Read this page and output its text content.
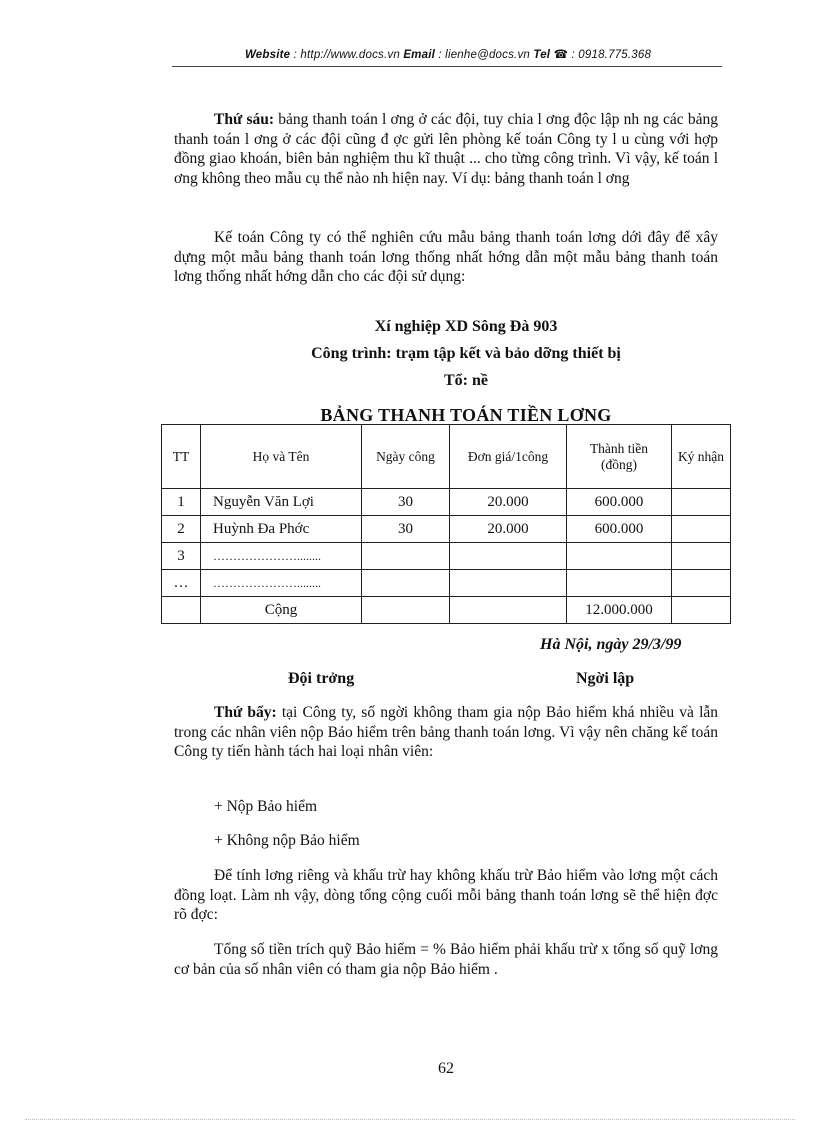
Website : http://www.docs.vn Email : lienhe@docs.vn Tel ☎ : 0918.775.368

Thứ sáu: bảng thanh toán l ơng ở các đội, tuy chia l ơng độc lập nh ng các bảng thanh toán l ơng ở các đội cũng đ ợc gửi lên phòng kế toán Công ty l u cùng với hợp đồng giao khoán, biên bản nghiệm thu kĩ thuật ... cho từng công trình. Vì vậy, kế toán l ơng không theo mẫu cụ thể nào nh hiện nay. Ví dụ: bảng thanh toán l ơng

Kế toán Công ty có thể nghiên cứu mẫu bảng thanh toán lơng dới đây để xây dựng một mẫu bảng thanh toán lơng thống nhất hớng dẫn một mẫu bảng thanh toán lơng thống nhất hớng dẫn cho các đội sử dụng:

Xí nghiệp XD Sông Đà 903
Công trình: trạm tập kết và bảo dỡng thiết bị
Tổ: nề
BẢNG THANH TOÁN TIỀN LƠNG
TT	Họ và Tên	Ngày công	Đơn giá/1công	Thành tiền (đồng)	Ký nhận
1	Nguyễn Văn Lợi	30	20.000	600.000	
2	Huỳnh Đa Phớc	30	20.000	600.000	
3	…………………........				
…	…………………........				
	Cộng			12.000.000	
Hà Nội, ngày 29/3/99
Đội trởng	Ngời lập

Thứ bẩy: tại Công ty, số ngời không tham gia nộp Bảo hiểm khá nhiều và lẫn trong các nhân viên nộp Bảo hiểm trên bảng thanh toán lơng. Vì vậy nên chăng kế toán Công ty tiến hành tách hai loại nhân viên:

+ Nộp Bảo hiểm

+ Không nộp Bảo hiểm

Để tính lơng riêng và khấu trừ hay không khấu trừ Bảo hiểm vào lơng một cách đồng loạt. Làm nh vậy, dòng tổng cộng cuối mỗi bảng thanh toán lơng sẽ thể hiện đợc rõ đợc:

Tổng số tiền trích quỹ Bảo hiểm = % Bảo hiểm phải khấu trừ x tổng số quỹ lơng cơ bản của số nhân viên có tham gia nộp Bảo hiểm .

62
